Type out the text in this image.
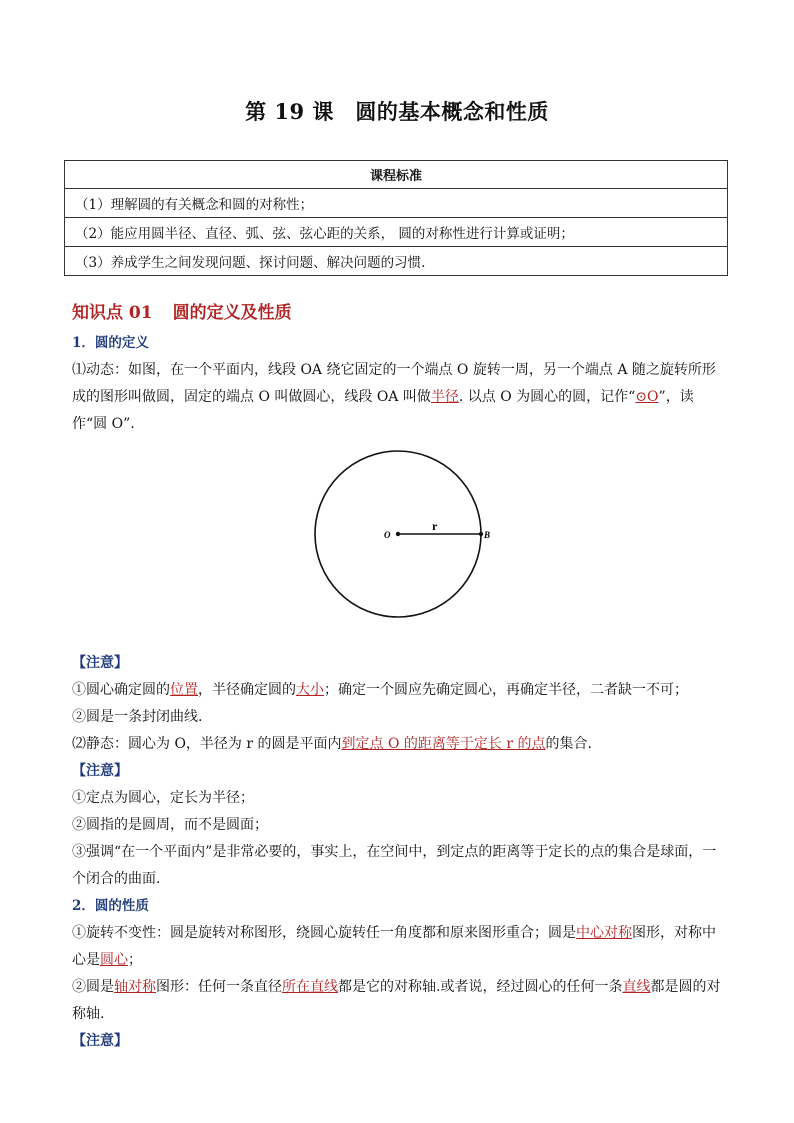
第 19 课　圆的基本概念和性质
课程标准
（1）理解圆的有关概念和圆的对称性；
（2）能应用圆半径、直径、弧、弦、弦心距的关系， 圆的对称性进行计算或证明；
（3）养成学生之间发现问题、探讨问题、解决问题的习惯.
知识点 01 圆的定义及性质

1．圆的定义

⑴动态：如图，在一个平面内，线段 OA 绕它固定的一个端点 O 旋转一周，另一个端点 A 随之旋转所形成的图形叫做圆，固定的端点 O 叫做圆心，线段 OA 叫做半径. 以点 O 为圆心的圆，记作“⊙O”，读作“圆 O”.

O
r
B

【注意】

①圆心确定圆的位置，半径确定圆的大小；确定一个圆应先确定圆心，再确定半径，二者缺一不可；

②圆是一条封闭曲线.

⑵静态：圆心为 O，半径为 r 的圆是平面内到定点 O 的距离等于定长 r 的点的集合.

【注意】

①定点为圆心，定长为半径；

②圆指的是圆周，而不是圆面；

③强调“在一个平面内”是非常必要的，事实上，在空间中，到定点的距离等于定长的点的集合是球面，一个闭合的曲面.

2．圆的性质

①旋转不变性：圆是旋转对称图形，绕圆心旋转任一角度都和原来图形重合；圆是中心对称图形，对称中心是圆心；

②圆是轴对称图形：任何一条直径所在直线都是它的对称轴.或者说，经过圆心的任何一条直线都是圆的对称轴.

【注意】
